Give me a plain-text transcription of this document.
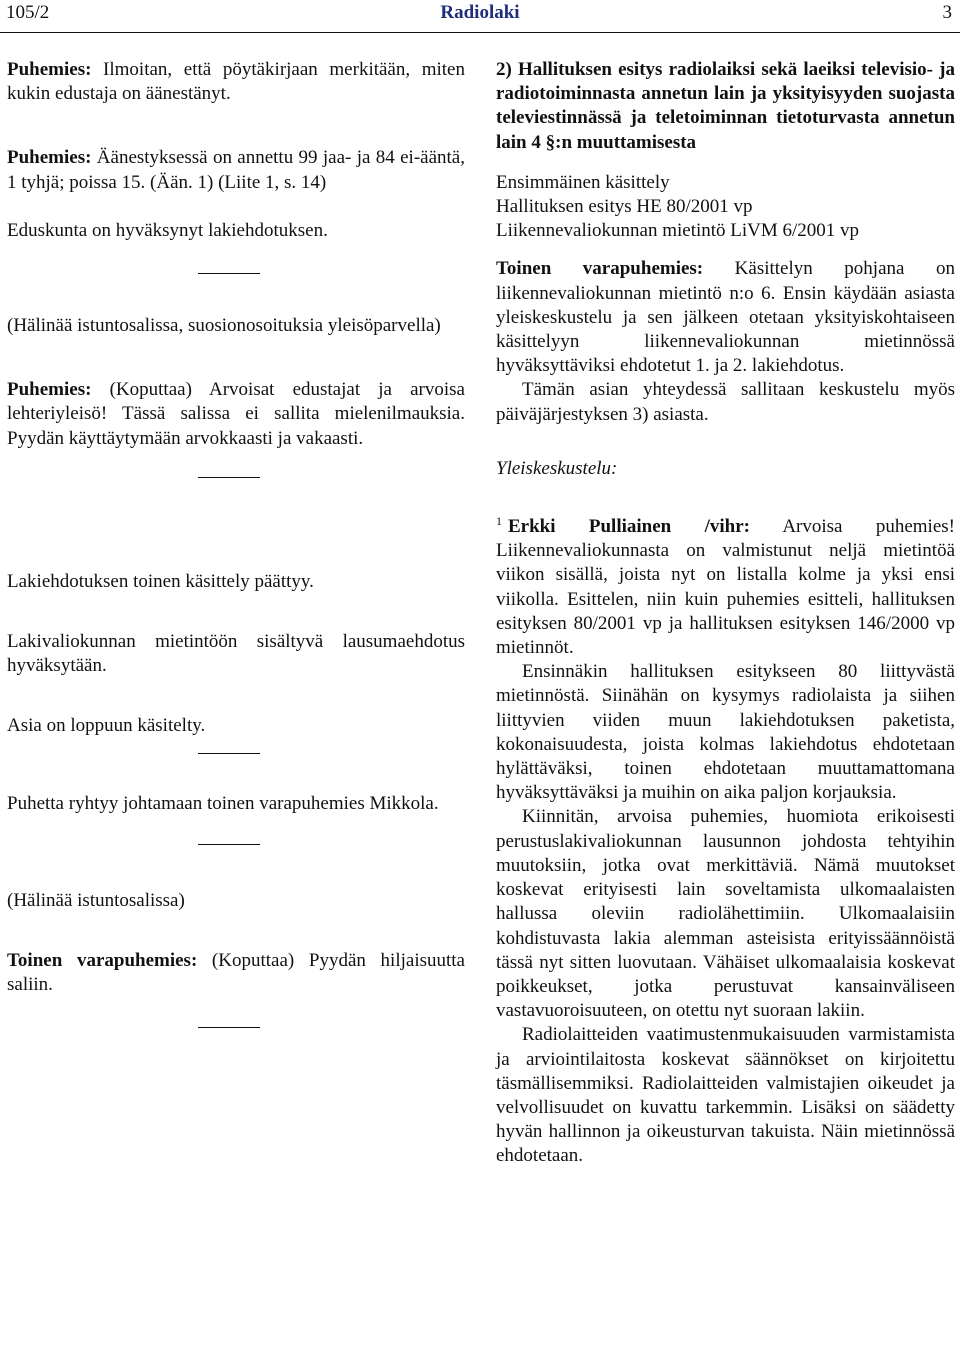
105/2	Radiolaki	3

Puhemies: Ilmoitan, että pöytäkirjaan merkitään, miten kukin edustaja on äänestänyt.

Puhemies: Äänestyksessä on annettu 99 jaa- ja 84 ei-ääntä, 1 tyhjä; poissa 15. (Ään. 1) (Liite 1, s. 14)

Eduskunta on hyväksynyt lakiehdotuksen.

(Hälinää istuntosalissa, suosionosoituksia yleisöparvella)

Puhemies: (Koputtaa) Arvoisat edustajat ja arvoisa lehteriyleisö! Tässä salissa ei sallita mielenilmauksia. Pyydän käyttäytymään arvokkaasti ja vakaasti.

Lakiehdotuksen toinen käsittely päättyy.

Lakivaliokunnan mietintöön sisältyvä lausumaehdotus hyväksytään.

Asia on loppuun käsitelty.

Puhetta ryhtyy johtamaan toinen varapuhemies Mikkola.

(Hälinää istuntosalissa)

Toinen varapuhemies: (Koputtaa) Pyydän hiljaisuutta saliin.

2) Hallituksen esitys radiolaiksi sekä laeiksi televisio- ja radiotoiminnasta annetun lain ja yksityisyyden suojasta televiestinnässä ja teletoiminnan tietoturvasta annetun lain 4 §:n muuttamisesta

Ensimmäinen käsittely

Hallituksen esitys HE 80/2001 vp

Liikennevaliokunnan mietintö LiVM 6/2001 vp

Toinen varapuhemies: Käsittelyn pohjana on liikennevaliokunnan mietintö n:o 6. Ensin käydään asiasta yleiskeskustelu ja sen jälkeen otetaan yksityiskohtaiseen käsittelyyn liikennevaliokunnan mietinnössä hyväksyttäviksi ehdotetut 1. ja 2. lakiehdotus.

Tämän asian yhteydessä sallitaan keskustelu myös päiväjärjestyksen 3) asiasta.

Yleiskeskustelu:

$^1$ Erkki Pulliainen /vihr: Arvoisa puhemies! Liikennevaliokunnasta on valmistunut neljä mietintöä viikon sisällä, joista nyt on listalla kolme ja yksi ensi viikolla. Esittelen, niin kuin puhemies esitteli, hallituksen esityksen 80/2001 vp ja hallituksen esityksen 146/2000 vp mietinnöt.

Ensinnäkin hallituksen esitykseen 80 liittyvästä mietinnöstä. Siinähän on kysymys radiolaista ja siihen liittyvien viiden muun lakiehdotuksen paketista, kokonaisuudesta, joista kolmas lakiehdotus ehdotetaan hylättäväksi, toinen ehdotetaan muuttamattomana hyväksyttäväksi ja muihin on aika paljon korjauksia.

Kiinnitän, arvoisa puhemies, huomiota erikoisesti perustuslakivaliokunnan lausunnon johdosta tehtyihin muutoksiin, jotka ovat merkittäviä. Nämä muutokset koskevat erityisesti lain soveltamista ulkomaalaisten hallussa oleviin radiolähettimiin. Ulkomaalaisiin kohdistuvasta lakia alemman asteisista erityissäännöistä tässä nyt sitten luovutaan. Vähäiset ulkomaalaisia koskevat poikkeukset, jotka perustuvat kansainväliseen vastavuoroisuuteen, on otettu nyt suoraan lakiin.

Radiolaitteiden vaatimustenmukaisuuden varmistamista ja arviointilaitosta koskevat säännökset on kirjoitettu täsmällisemmiksi. Radiolaitteiden valmistajien oikeudet ja velvollisuudet on kuvattu tarkemmin. Lisäksi on säädetty hyvän hallinnon ja oikeusturvan takuista. Näin mietinnössä ehdotetaan.
